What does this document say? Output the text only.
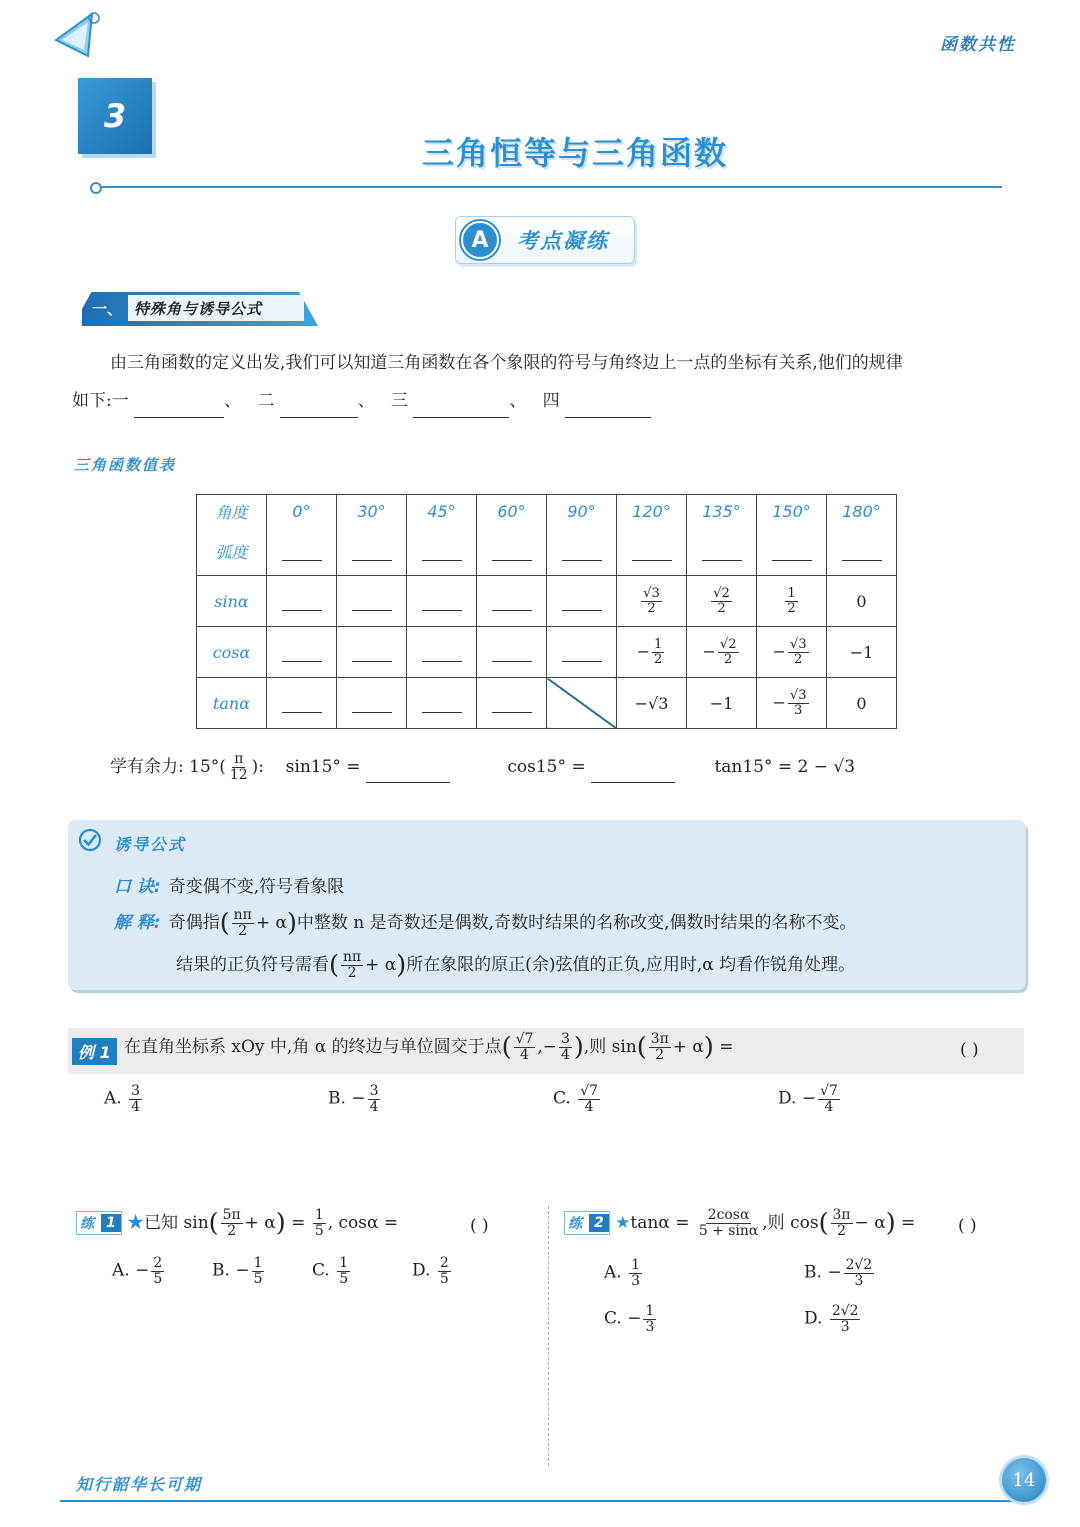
函数共性
3
三角恒等与三角函数
A	考点凝练
一、 特殊角与诱导公式
由三角函数的定义出发,我们可以知道三角函数在各个象限的符号与角终边上一点的坐标有关系,他们的规律
如下:一	、 二	、 三	、 四
三角函数值表
角度	0°	30°	45°	60°	90°	120°	135°	150°	180°
弧度									
sinα						$\frac{√3}{2}$	$\frac{√2}{2}$	$\frac{1}{2}$	0
cosα						− $\frac{1}{2}$	− $\frac{√2}{2}$	− $\frac{√3}{2}$	−1
tanα						−√3	−1	− $\frac{√3}{3}$	0
学有余力: $15^\circ( \frac{\pi}{12}$ ): sin15° =	cos15° =	tan15° = 2 − √3
诱导公式
口 诀: 奇变偶不变,符号看象限
解 释: 奇偶指( $\frac{n\pi}{2} + \alpha$)中整数 n 是奇数还是偶数,奇数时结果的名称改变,偶数时结果的名称不变。
结果的正负符号需看( $\frac{n\pi}{2} + \alpha$)所在象限的原正(余)弦值的正负,应用时,α 均看作锐角处理。
例 1 在直角坐标系 xOy 中,角 α 的终边与单位圆交于点( $\frac{√7}{4}$ ,− $\frac{3}{4}$ ),则 $\sin( \frac{3\pi}{2} + \alpha)$ =	( )
A. $\frac{3}{4}$	B. − $\frac{3}{4}$	C. $\frac{√7}{4}$	D. − $\frac{√7}{4}$
练 1 ★已知 $\sin( \frac{5\pi}{2} + \alpha) = \frac{1}{5}$ , cosα =	( )
A. − $\frac{2}{5}$	B. − $\frac{1}{5}$	C. $\frac{1}{5}$	D. $\frac{2}{5}$
练 2 ★tanα = $\frac{2\cos\alpha}{5 + \sin\alpha}$ ,则 $\cos( \frac{3\pi}{2} - \alpha)$ =	( )
A. $\frac{1}{3}$	B. − $\frac{2√2}{3}$
C. − $\frac{1}{3}$	D. $\frac{2√2}{3}$
知行韶华长可期	14
